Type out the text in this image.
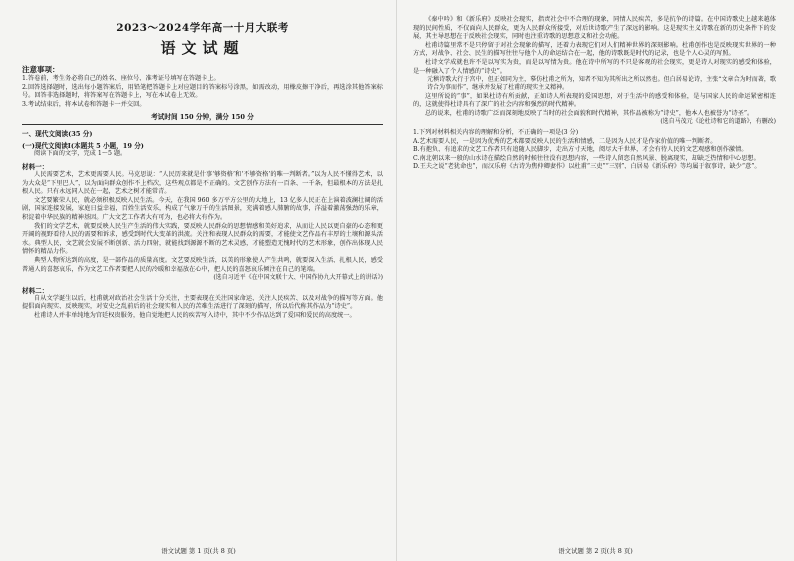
2023～2024学年高一十月大联考
语文试题
注意事项：

1.答卷前，考生务必将自己的姓名、座位号、准考证号填写在答题卡上。

2.回答选择题时，选出每小题答案后，用铅笔把答题卡上对应题目的答案标号涂黑，如需改动，用橡皮擦干净后，再选涂其他答案标号。回答非选择题时，将答案写在答题卡上，写在本试卷上无效。

3.考试结束后，将本试卷和答题卡一并交回。

考试时间 150 分钟，满分 150 分
一、现代文阅读(35 分)
(一)现代文阅读Ⅰ(本题共 5 小题，19 分)

阅读下面的文字，完成 1～5 题。

材料一：

人民需要艺术，艺术更需要人民。马克思说：“人民历来就是什事‘够资格’和‘不够资格’的唯一判断者。”以为人民不懂得艺术，以为大众是“下里巴人”，以为面向群众创作不上档次，这些观点都是不正确的。文艺创作方法有一百条、一千条，但最根本的方法是扎根人民。只有永远同人民在一起，艺术之树才能常青。

文艺要繁荣人民，就必须积极反映人民生活。今天，在我国 960 多万平方公里的大地上，13 亿多人民正在上演着波澜壮阔的活剧，国家连接发展，家庭日益幸福，百姓生活安乐，构成了气象万千的生活图景，充满着感人肺腑的故事，洋溢着激荡强劲的乐章，积淀着中华民族的精神基因。广大文艺工作者大有可为，也必将大有作为。

我们的文学艺术，就要反映人民生产生活的伟大实践，要反映人民群众的思想情感和美好追求，从而让人民以更自豪的心态和更开阔的视野看待人民的需要和诉求，感受到时代大变革的洪流。关注和表现人民群众的需要，才能使文艺作品有丰厚的土壤和源头活水。典型人民，文艺就会发展不断创新、活力四射，就能找到源源不断的艺术灵感，才能塑造无愧时代的艺术形象，创作出体现人民情怀的精品力作。

典型人物所达到的高度，是一部作品的质量高度。文艺要反映生活，以美的形象使人产生共鸣，就要深入生活、扎根人民，感受普通人的喜怒哀乐，作为文艺工作者要把人民的冷暖和幸福放在心中，把人民的喜怒哀乐倾注在自己的笔端。

(选自习近平《在中国文联十大、中国作协九大开幕式上的讲话》)
材料二：

自从文学诞生以后，杜甫就对政治社会生活十分关注，主要表现在关注国家命运、关注人民疾苦、以及对战争的描写等方面。他提倡面向现实、反映现实，对安史之乱前后的社会现实和人民的苦难生活进行了深刻的描写，所以后代称其作品为“诗史”。

杜甫诗人并非单纯地为宫廷权贵服务，他自觉地把人民的疾苦写入诗中，其中不少作品达到了爱国和爱民的高度统一。

语文试题 第 1 页(共 8 页)

《秦中吟》和《新乐府》反映社会现实，指责社会中不合理的现象，同情人民疾苦，多是抗争的诗篇。在中国诗歌史上越来越体现的民间性质，不仅面向人民群众，更为人民群众所接受，对后世诗歌产生了深远的影响。这是现实主义诗歌在新的历史条件下的发展，其主导思想在于反映社会现实，同时也注重诗歌的思想意义和社会功能。

杜甫诗篇里常不是只停留于对社会现象的描写，还着力表现它们对人们精神世界的深刻影响。杜甫创作也是反映现实世界的一种方式，对战争、社会、民生的描写往往与他个人的命运结合在一起，他的诗歌既是时代的记录，也是个人心灵的写照。

杜诗文学成就也许不是以写实为贵，而是以写情为贵。他在诗中所写的不只是客观的社会现实，更是诗人对现实的感受和体验，是一种融入了个人情感的“诗史”。

元稹诗歌大行于宫中，但正如同为主，摹仿杜甫之所为，知者不知为其所出之所以然也。但白居易论诗，主张“文章合为时而著，歌诗合为事而作”，继承并发展了杜甫的现实主义精神。

这里所说的“事”，如果杜诗有所贡献，正如诗人所表现的爱国思想，对于生活中的感受和体验，是与国家人民的命运紧密相连的，这就使得杜诗具有了深广的社会内容和强烈的时代精神。

总的说来，杜甫的诗歌广泛而深刻地反映了当时的社会面貌和时代精神，其作品被称为“诗史”，他本人也被誉为“诗圣”。

(选自马茂元《论杜诗和它的道路》，有删改)

1.下列对材料相关内容的理解和分析，不正确的一项是(3 分)

A.艺术需要人民，一是因为优秀的艺术都要反映人民的生活和情感，二是因为人民才是作家价值的唯一判断者。

B.有抱负、有追求的文艺工作者只有追随人民脚步，走出方寸天地，阅尽大千世界，才会有待人民的文艺观感和创作激情。

C.南北朝以来一般的山水诗在描绘自然的时候往往没有思想内容，一些诗人留恋自然风景、脱离现实，却缺乏热情和中心思想。

D.王夫之说“老犹命也”，而汉乐府《古诗为焦仲卿妻作》以杜甫“三吏”“三别”、白居易《新乐府》等均属于叙事诗，缺少“意”。

语文试题 第 2 页(共 8 页)
